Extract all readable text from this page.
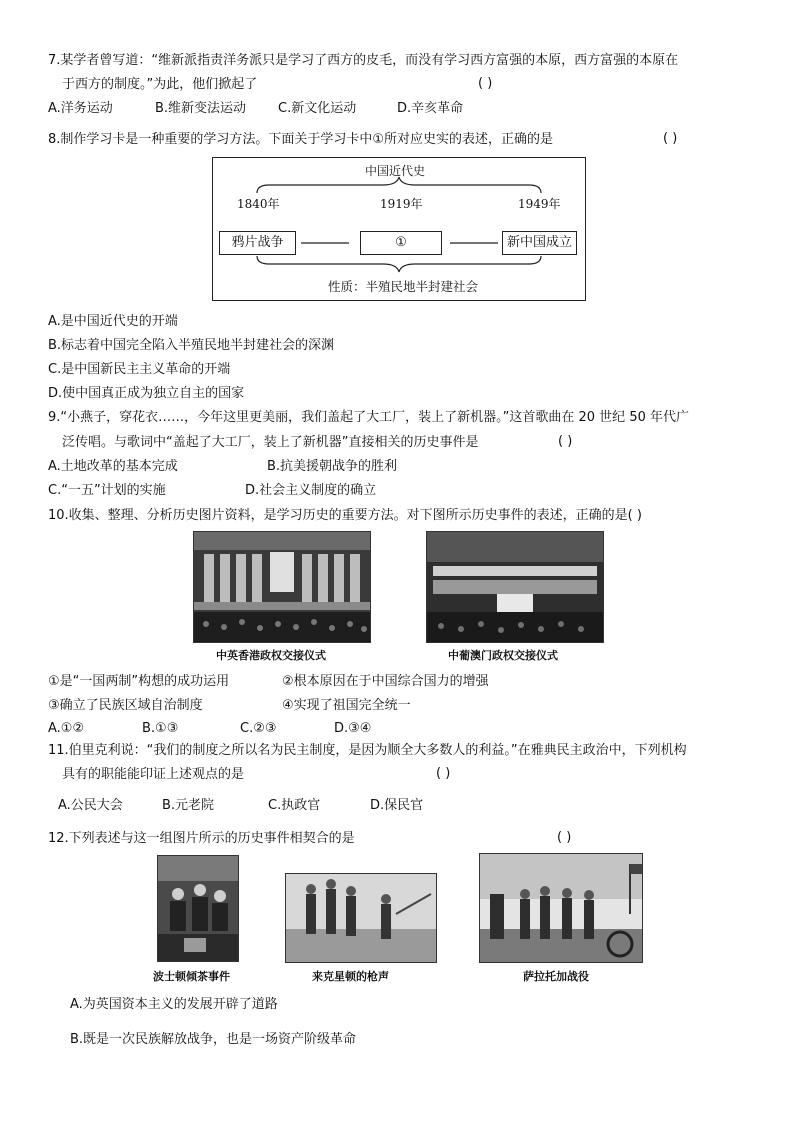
7.某学者曾写道：“维新派指责洋务派只是学习了西方的皮毛，而没有学习西方富强的本原，西方富强的本原在
于西方的制度。”为此，他们掀起了	( )
A.洋务运动	B.维新变法运动 C.新文化运动	D.辛亥革命
8.制作学习卡是一种重要的学习方法。下面关于学习卡中①所对应史实的表述，正确的是	( )
中国近代史
1840年	1919年	1949年
鸦片战争	①	新中国成立
性质：半殖民地半封建社会
A.是中国近代史的开端
B.标志着中国完全陷入半殖民地半封建社会的深渊
C.是中国新民主主义革命的开端
D.使中国真正成为独立自主的国家
9.“小燕子，穿花衣……，今年这里更美丽，我们盖起了大工厂，装上了新机器。”这首歌曲在 20 世纪 50 年代广
泛传唱。与歌词中“盖起了大工厂，装上了新机器”直接相关的历史事件是	( )
A.土地改革的基本完成	B.抗美援朝战争的胜利
C.“一五”计划的实施	D.社会主义制度的确立
10.收集、整理、分析历史图片资料，是学习历史的重要方法。对下图所示历史事件的表述，正确的是( )
中英香港政权交接仪式	中葡澳门政权交接仪式
①是“一国两制”构想的成功运用	②根本原因在于中国综合国力的增强
③确立了民族区域自治制度	④实现了祖国完全统一
A.①②	B.①③	C.②③	D.③④
11.伯里克利说：“我们的制度之所以名为民主制度，是因为顺全大多数人的利益。”在雅典民主政治中，下列机构
具有的职能能印证上述观点的是	( )
A.公民大会	B.元老院	C.执政官	D.保民官
12.下列表述与这一组图片所示的历史事件相契合的是	( )
波士顿倾茶事件	来克星顿的枪声	萨拉托加战役
A.为英国资本主义的发展开辟了道路
B.既是一次民族解放战争，也是一场资产阶级革命
